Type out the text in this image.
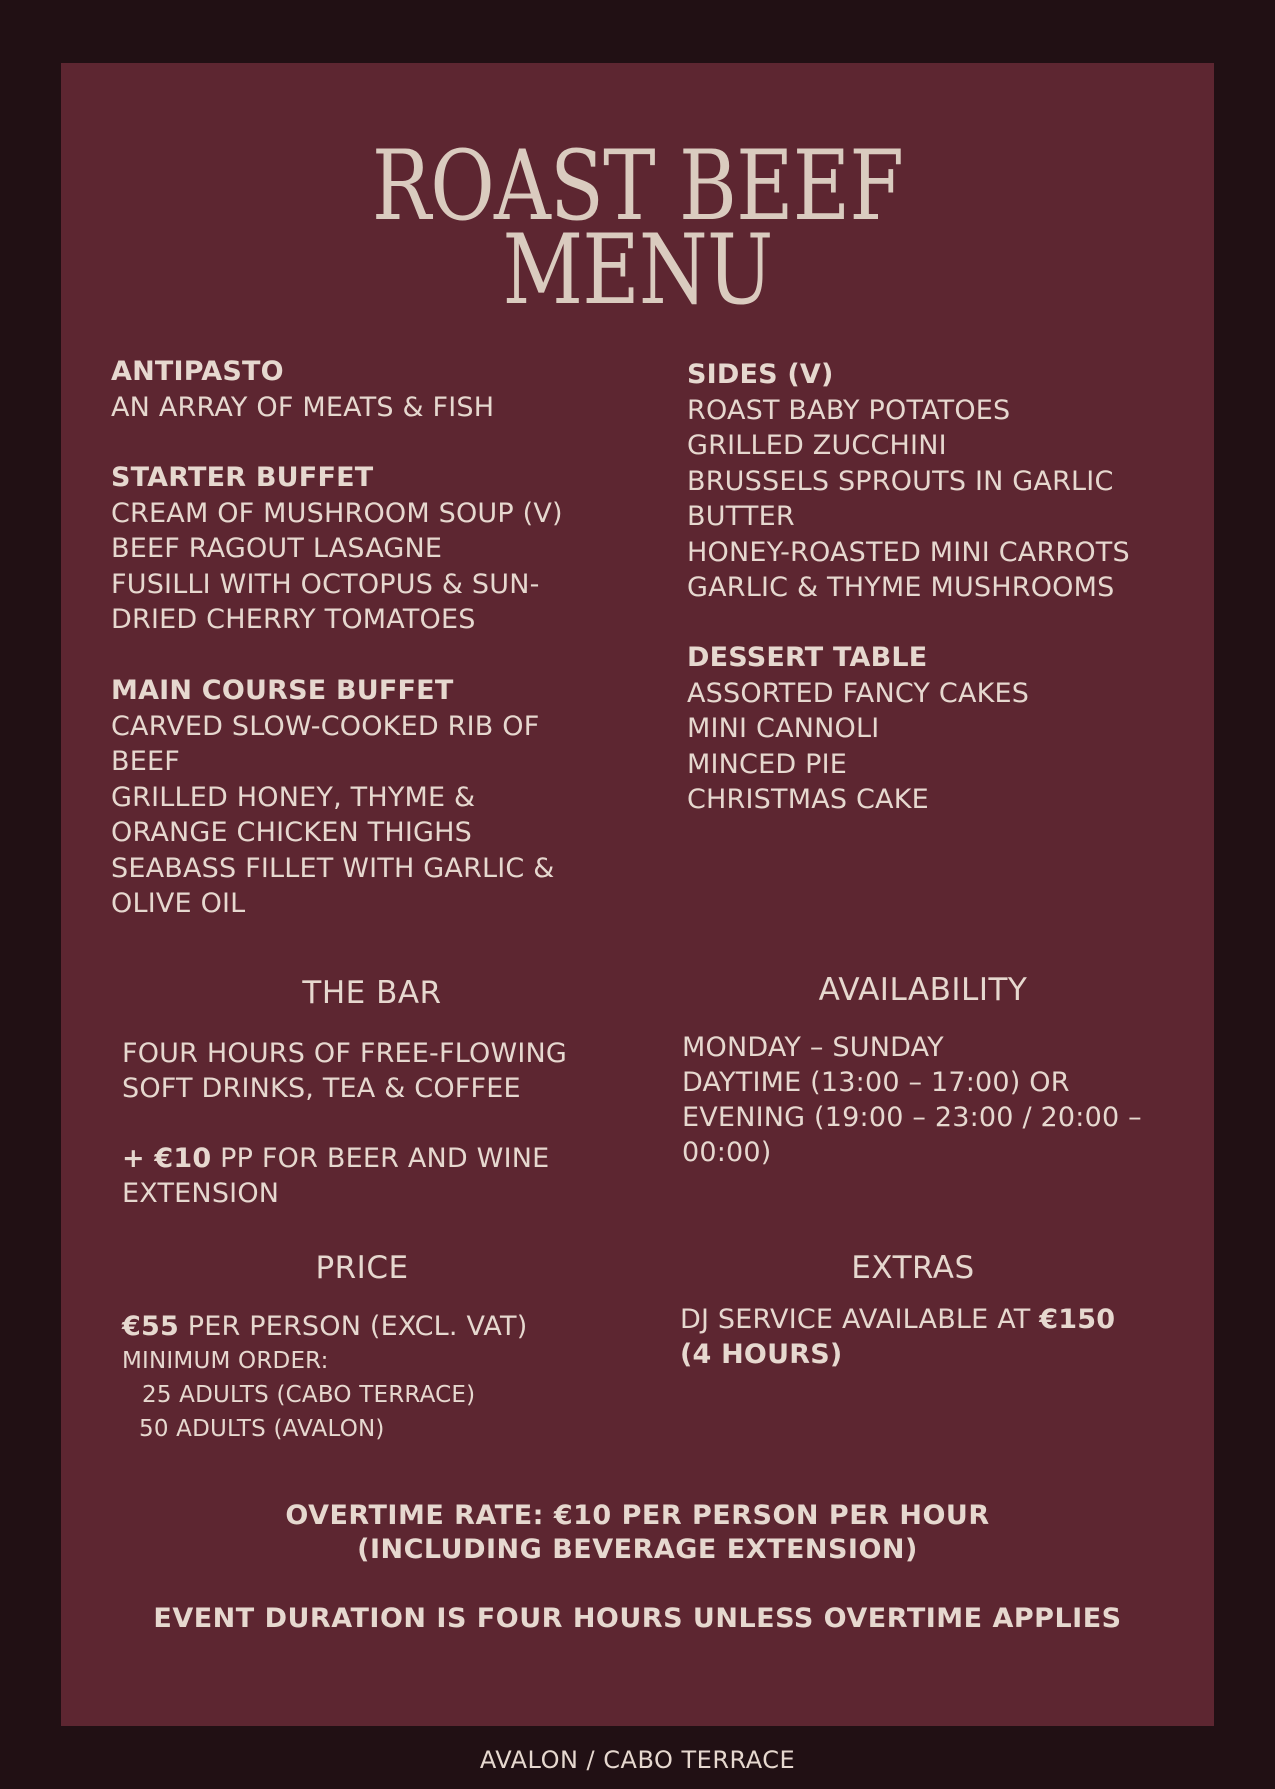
ROAST BEEF
MENU
ANTIPASTO
AN ARRAY OF MEATS & FISH
STARTER BUFFET
CREAM OF MUSHROOM SOUP (V)
BEEF RAGOUT LASAGNE
FUSILLI WITH OCTOPUS & SUN-
DRIED CHERRY TOMATOES
MAIN COURSE BUFFET
CARVED SLOW-COOKED RIB OF
BEEF
GRILLED HONEY, THYME &
ORANGE CHICKEN THIGHS
SEABASS FILLET WITH GARLIC &
OLIVE OIL
SIDES (V)
ROAST BABY POTATOES
GRILLED ZUCCHINI
BRUSSELS SPROUTS IN GARLIC
BUTTER
HONEY-ROASTED MINI CARROTS
GARLIC & THYME MUSHROOMS
DESSERT TABLE
ASSORTED FANCY CAKES
MINI CANNOLI
MINCED PIE
CHRISTMAS CAKE
THE BAR
FOUR HOURS OF FREE-FLOWING
SOFT DRINKS, TEA & COFFEE
+ €10 PP FOR BEER AND WINE
EXTENSION
AVAILABILITY
MONDAY – SUNDAY
DAYTIME (13:00 – 17:00) OR
EVENING (19:00 – 23:00 / 20:00 –
00:00)
PRICE
€55 PER PERSON (EXCL. VAT)
MINIMUM ORDER:
25 ADULTS (CABO TERRACE)
50 ADULTS (AVALON)
EXTRAS
DJ SERVICE AVAILABLE AT €150
(4 HOURS)
OVERTIME RATE: €10 PER PERSON PER HOUR
(INCLUDING BEVERAGE EXTENSION)
EVENT DURATION IS FOUR HOURS UNLESS OVERTIME APPLIES
AVALON / CABO TERRACE
